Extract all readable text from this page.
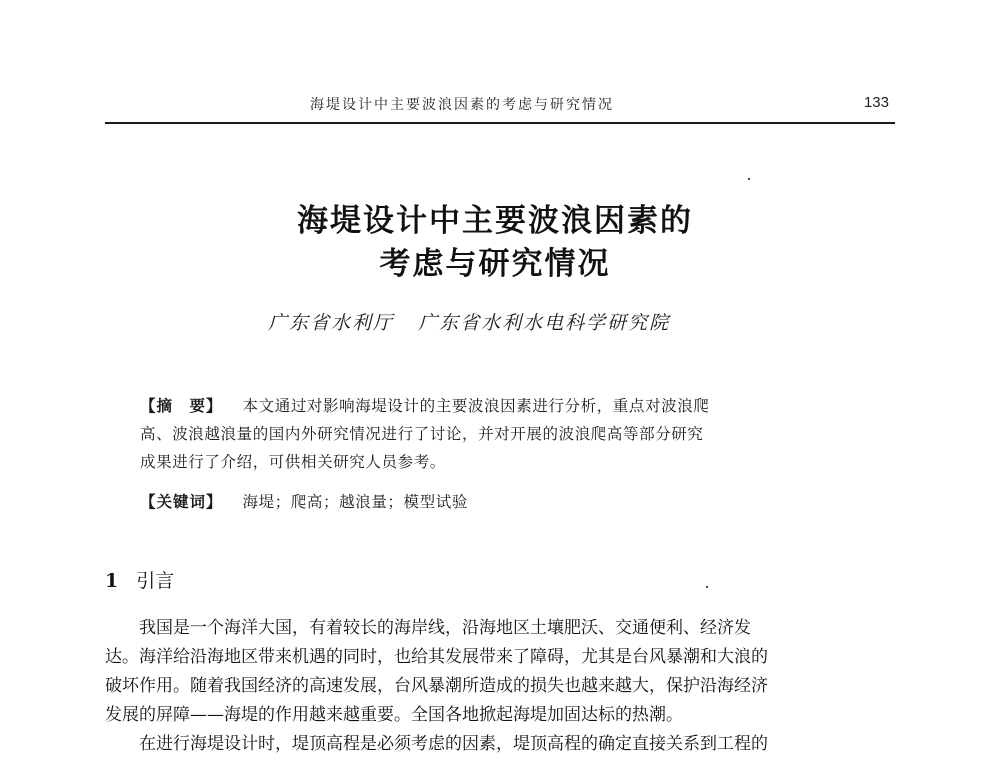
海堤设计中主要波浪因素的考虑与研究情况	133
海堤设计中主要波浪因素的
考虑与研究情况
广东省水利厅   广东省水利水电科学研究院
【摘　要】 本文通过对影响海堤设计的主要波浪因素进行分析，重点对波浪爬
高、波浪越浪量的国内外研究情况进行了讨论，并对开展的波浪爬高等部分研究
成果进行了介绍，可供相关研究人员参考。
【关键词】 海堤；爬高；越浪量；模型试验
1 引言
我国是一个海洋大国，有着较长的海岸线，沿海地区土壤肥沃、交通便利、经济发
达。海洋给沿海地区带来机遇的同时，也给其发展带来了障碍，尤其是台风暴潮和大浪的
破坏作用。随着我国经济的高速发展，台风暴潮所造成的损失也越来越大，保护沿海经济
发展的屏障——海堤的作用越来越重要。全国各地掀起海堤加固达标的热潮。
在进行海堤设计时，堤顶高程是必须考虑的因素，堤顶高程的确定直接关系到工程的
